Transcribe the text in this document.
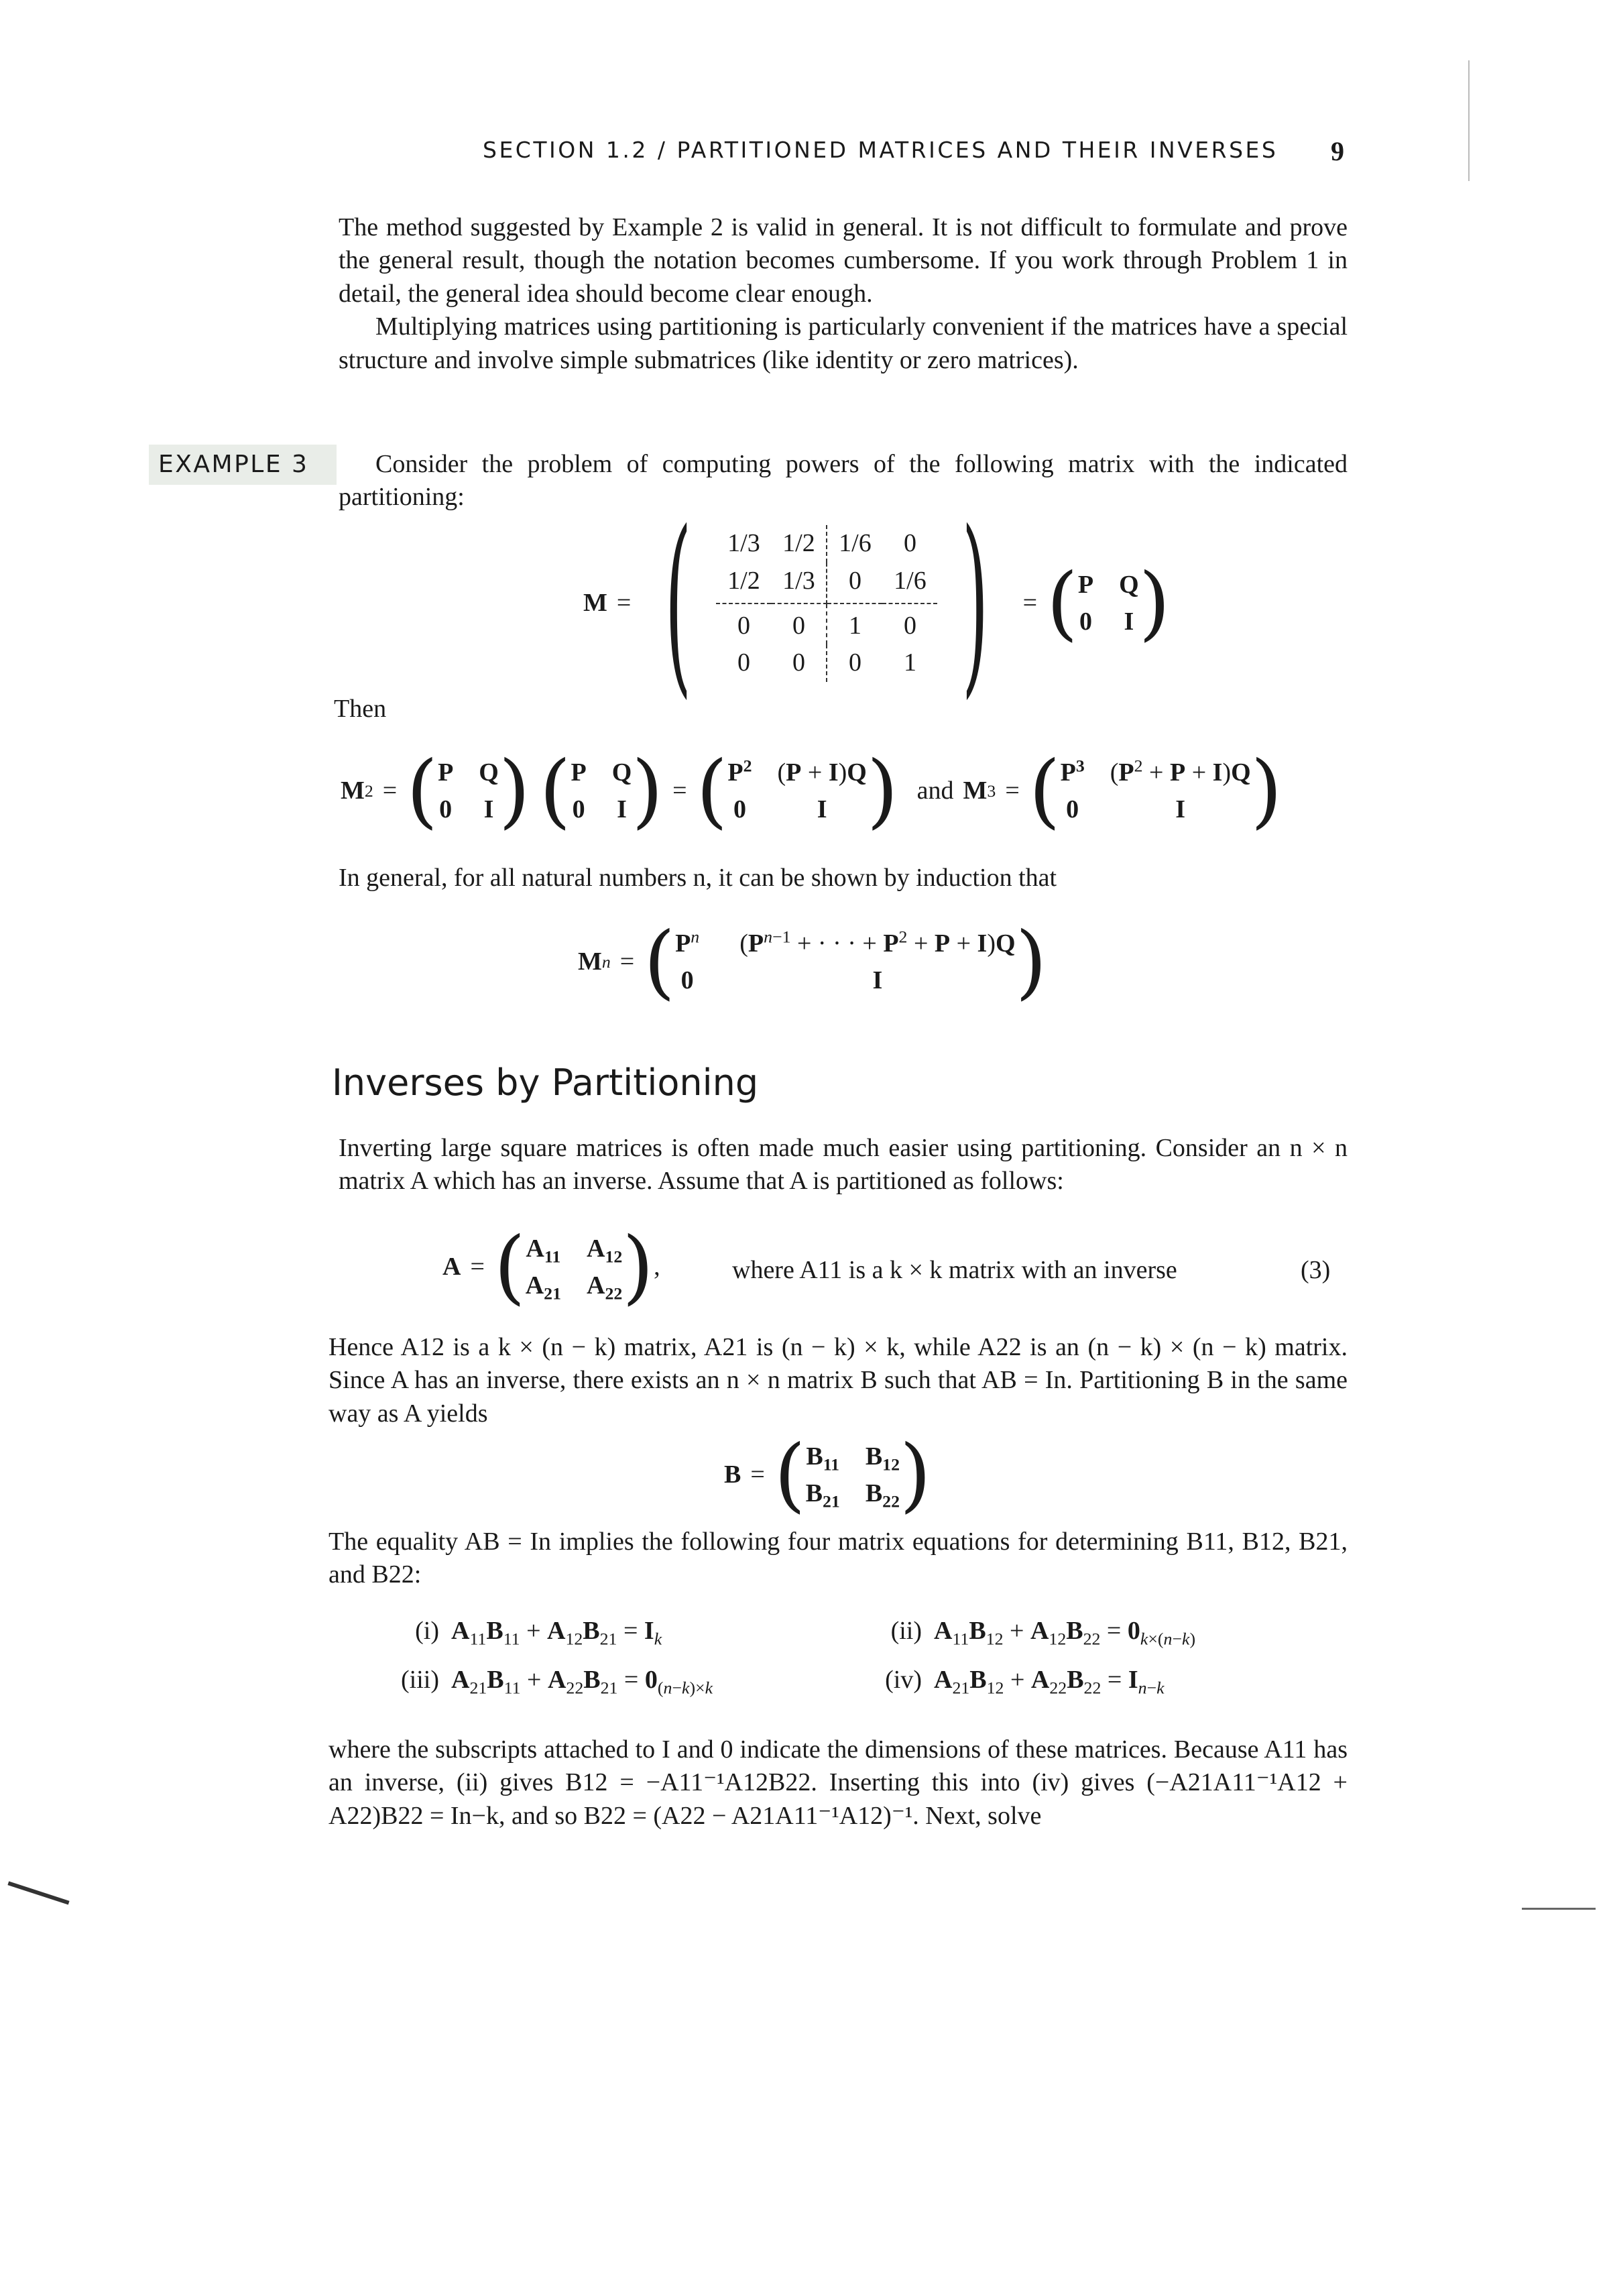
SECTION 1.2 / PARTITIONED MATRICES AND THEIR INVERSES 9

The method suggested by Example 2 is valid in general. It is not difficult to formulate and prove the general result, though the notation becomes cumbersome. If you work through Problem 1 in detail, the general idea should become clear enough.

Multiplying matrices using partitioning is particularly convenient if the matrices have a special structure and involve simple submatrices (like identity or zero matrices).

EXAMPLE 3	Consider the problem of computing powers of the following matrix with the indicated partitioning:
M = ( 1/3	1/2	1/6	0
1/2	1/3	0	1/6
0	0	1	0
0	0	0	1 ) = ( P Q
0 I )
Then
M 2 = ( P Q
0 I ) ( P Q
0 I ) = ( $P^2$ (P + I)Q
0	I ) and M 3 = ( $P^3$ $(P^2 + P + I)Q$
0	I )
In general, for all natural numbers n, it can be shown by induction that
M n = ( $P^n$ ($P^{n-1}$ + · · · + $P^2 + P + I)Q$
0	I	)
Inverses by Partitioning
Inverting large square matrices is often made much easier using partitioning. Consider an n × n matrix A which has an inverse. Assume that A is partitioned as follows:
A = ( $A_{11}$ $A_{12}$
$A_{21}$ $A_{22}$ ) ,	where A11 is a k × k matrix with an inverse	(3)
Hence A12 is a k × (n − k) matrix, A21 is (n − k) × k, while A22 is an (n − k) × (n − k) matrix. Since A has an inverse, there exists an n × n matrix B such that AB = In. Partitioning B in the same way as A yields
B = ( $B_{11}$ $B_{12}$
$B_{21}$ $B_{22}$ )
The equality AB = In implies the following four matrix equations for determining B11, B12, B21, and B22:
(i) $A_{11}B_{11} + A_{12}B_{21} = I_k$	(ii) $A_{11}B_{12} + A_{12}B_{22} = 0_{k\times(n-k)}$
(iii) $A_{21}B_{11} + A_{22}B_{21} = 0_{(n-k)\times k}$	(iv) $A_{21}B_{12} + A_{22}B_{22} = I_{n-k}$
where the subscripts attached to I and 0 indicate the dimensions of these matrices. Because A11 has an inverse, (ii) gives B12 = −A11⁻¹A12B22. Inserting this into (iv) gives (−A21A11⁻¹A12 + A22)B22 = In−k, and so B22 = (A22 − A21A11⁻¹A12)⁻¹. Next, solve
